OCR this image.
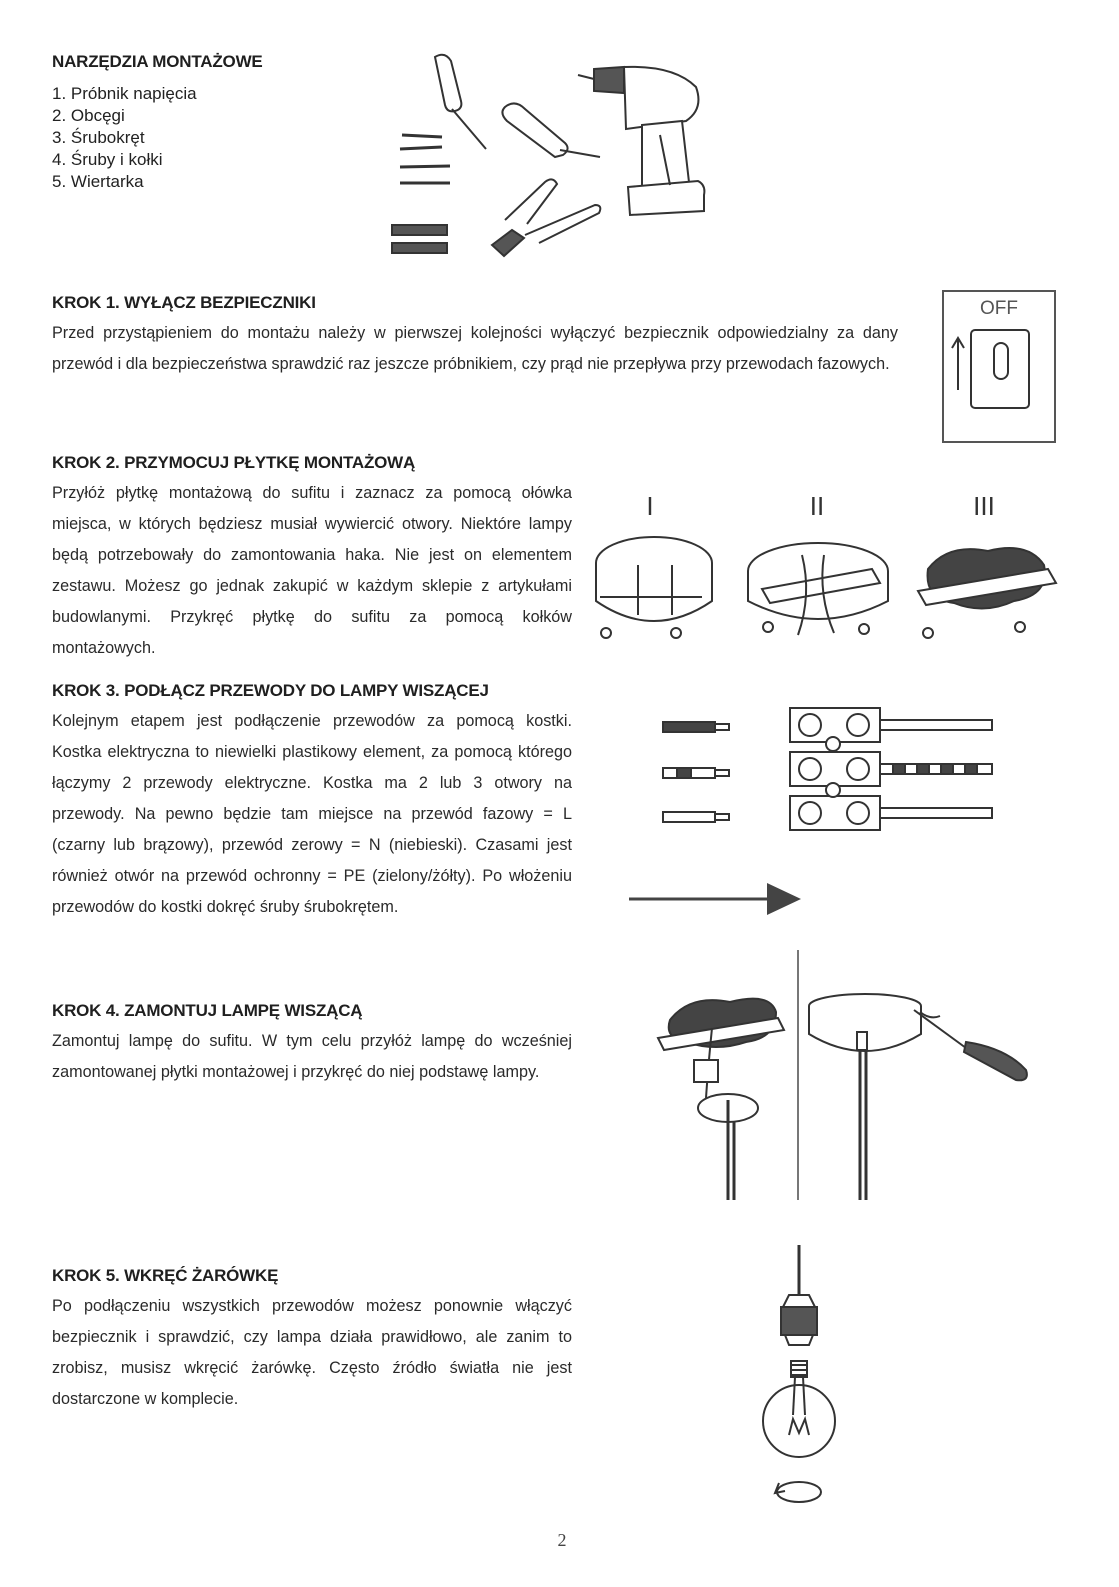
NARZĘDZIA MONTAŻOWE
1. Próbnik napięcia
2. Obcęgi
3. Śrubokręt
4. Śruby i kołki
5. Wiertarka
KROK 1. WYŁĄCZ BEZPIECZNIKI

Przed przystąpieniem do montażu należy w pierwszej kolejności wyłączyć bezpiecznik odpowiedzialny za dany przewód i dla bezpieczeństwa sprawdzić raz jeszcze próbnikiem, czy prąd nie przepływa przy przewodach fazowych.

OFF
KROK 2. PRZYMOCUJ PŁYTKĘ MONTAŻOWĄ

Przyłóż płytkę montażową do sufitu i zaznacz za pomocą ołówka miejsca, w których będziesz musiał wywiercić otwory. Niektóre lampy będą potrzebowały do zamontowania haka. Nie jest on elementem zestawu. Możesz go jednak zakupić w każdym sklepie z artykułami budowlanymi. Przykręć płytkę do sufitu za pomocą kołków montażowych.

I	II	III
KROK 3. PODŁĄCZ PRZEWODY DO LAMPY WISZĄCEJ

Kolejnym etapem jest podłączenie przewodów za pomocą kostki. Kostka elektryczna to niewielki plastikowy element, za pomocą którego łączymy 2 przewody elektryczne. Kostka ma 2 lub 3 otwory na przewody. Na pewno będzie tam miejsce na przewód fazowy = L (czarny lub brązowy), przewód zerowy = N (niebieski). Czasami jest również otwór na przewód ochronny = PE (zielony/żółty). Po włożeniu przewodów do kostki dokręć śruby śrubokrętem.

KROK 4. ZAMONTUJ LAMPĘ WISZĄCĄ

Zamontuj lampę do sufitu. W tym celu przyłóż lampę do wcześniej zamontowanej płytki montażowej i przykręć do niej podstawę lampy.

KROK 5. WKRĘĆ ŻARÓWKĘ

Po podłączeniu wszystkich przewodów możesz ponownie włączyć bezpiecznik i sprawdzić, czy lampa działa prawidłowo, ale zanim to zrobisz, musisz wkręcić żarówkę. Często źródło światła nie jest dostarczone w komplecie.

2
